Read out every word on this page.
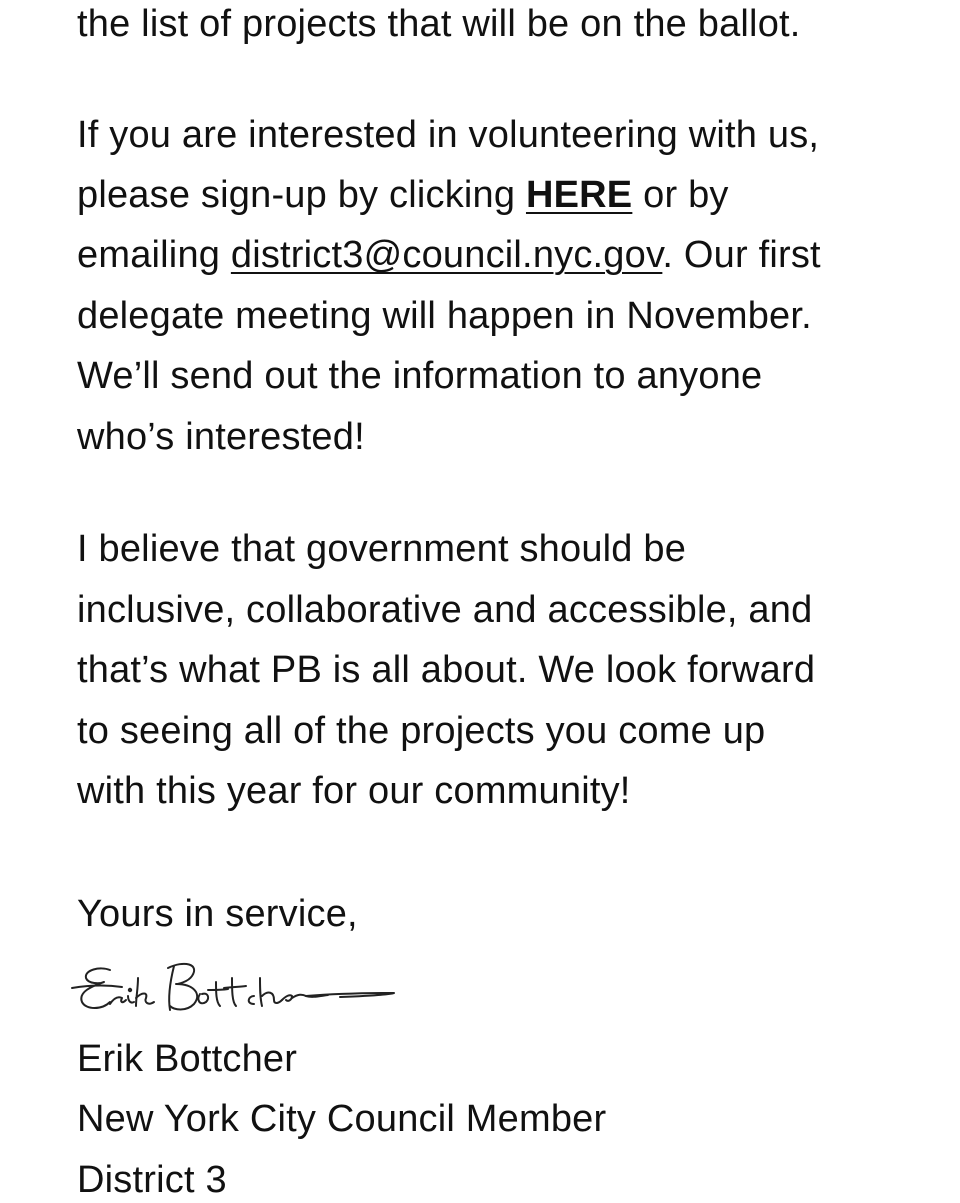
the list of projects that will be on the ballot.
If you are interested in volunteering with us,
please sign-up by clicking HERE or by
emailing district3@council.nyc.gov. Our first
delegate meeting will happen in November.
We’ll send out the information to anyone
who’s interested!
I believe that government should be
inclusive, collaborative and accessible, and
that’s what PB is all about. We look forward
to seeing all of the projects you come up
with this year for our community!
Yours in service,
Erik Bottcher
New York City Council Member
District 3
